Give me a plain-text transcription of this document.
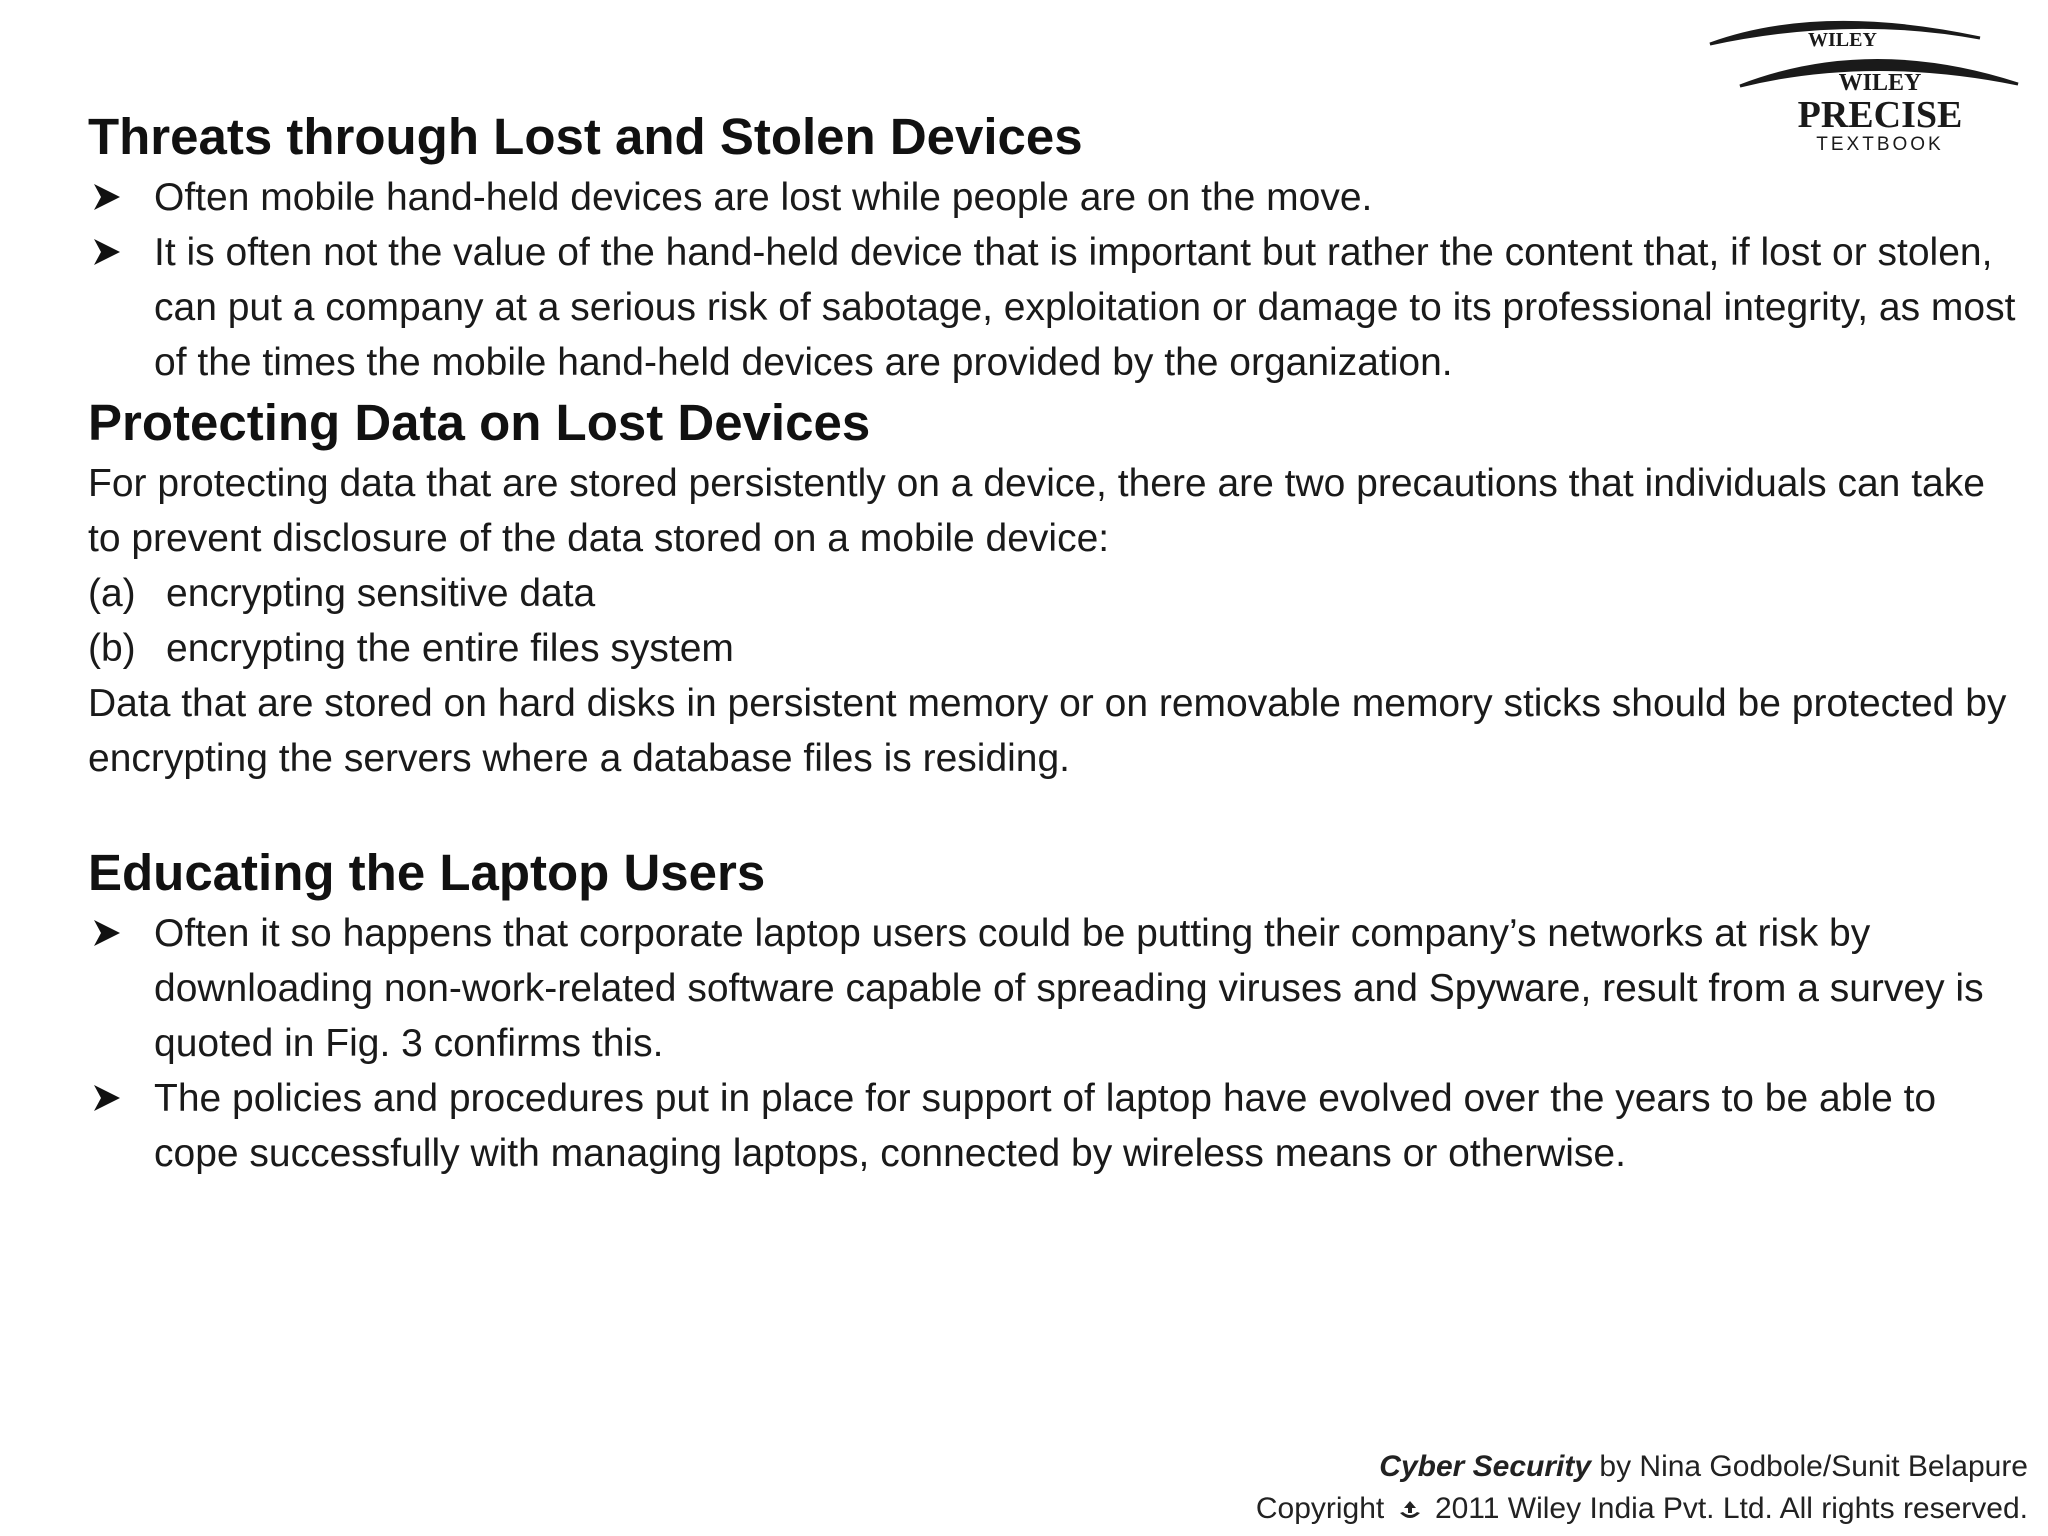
WILEY
WILEY
PRECISE
TEXTBOOK
Threats through Lost and Stolen Devices
Often mobile hand-held devices are lost while people are on the move.
It is often not the value of the hand-held device that is important but rather the content that, if lost or stolen, can put a company at a serious risk of sabotage, exploitation or damage to its professional integrity, as most of the times the mobile hand-held devices are provided by the organization.
Protecting Data on Lost Devices

For protecting data that are stored persistently on a device, there are two precautions that individuals can take to prevent disclosure of the data stored on a mobile device:

(a) encrypting sensitive data
(b) encrypting the entire files system

Data that are stored on hard disks in persistent memory or on removable memory sticks should be protected by encrypting the servers where a database files is residing.

Educating the Laptop Users
Often it so happens that corporate laptop users could be putting their company’s networks at risk by downloading non-work-related software capable of spreading viruses and Spyware, result from a survey is quoted in Fig. 3 confirms this.
The policies and procedures put in place for support of laptop have evolved over the years to be able to cope successfully with managing laptops, connected by wireless means or otherwise.
Cyber Security by Nina Godbole/Sunit Belapure
Copyright  2011 Wiley India Pvt. Ltd. All rights reserved.
